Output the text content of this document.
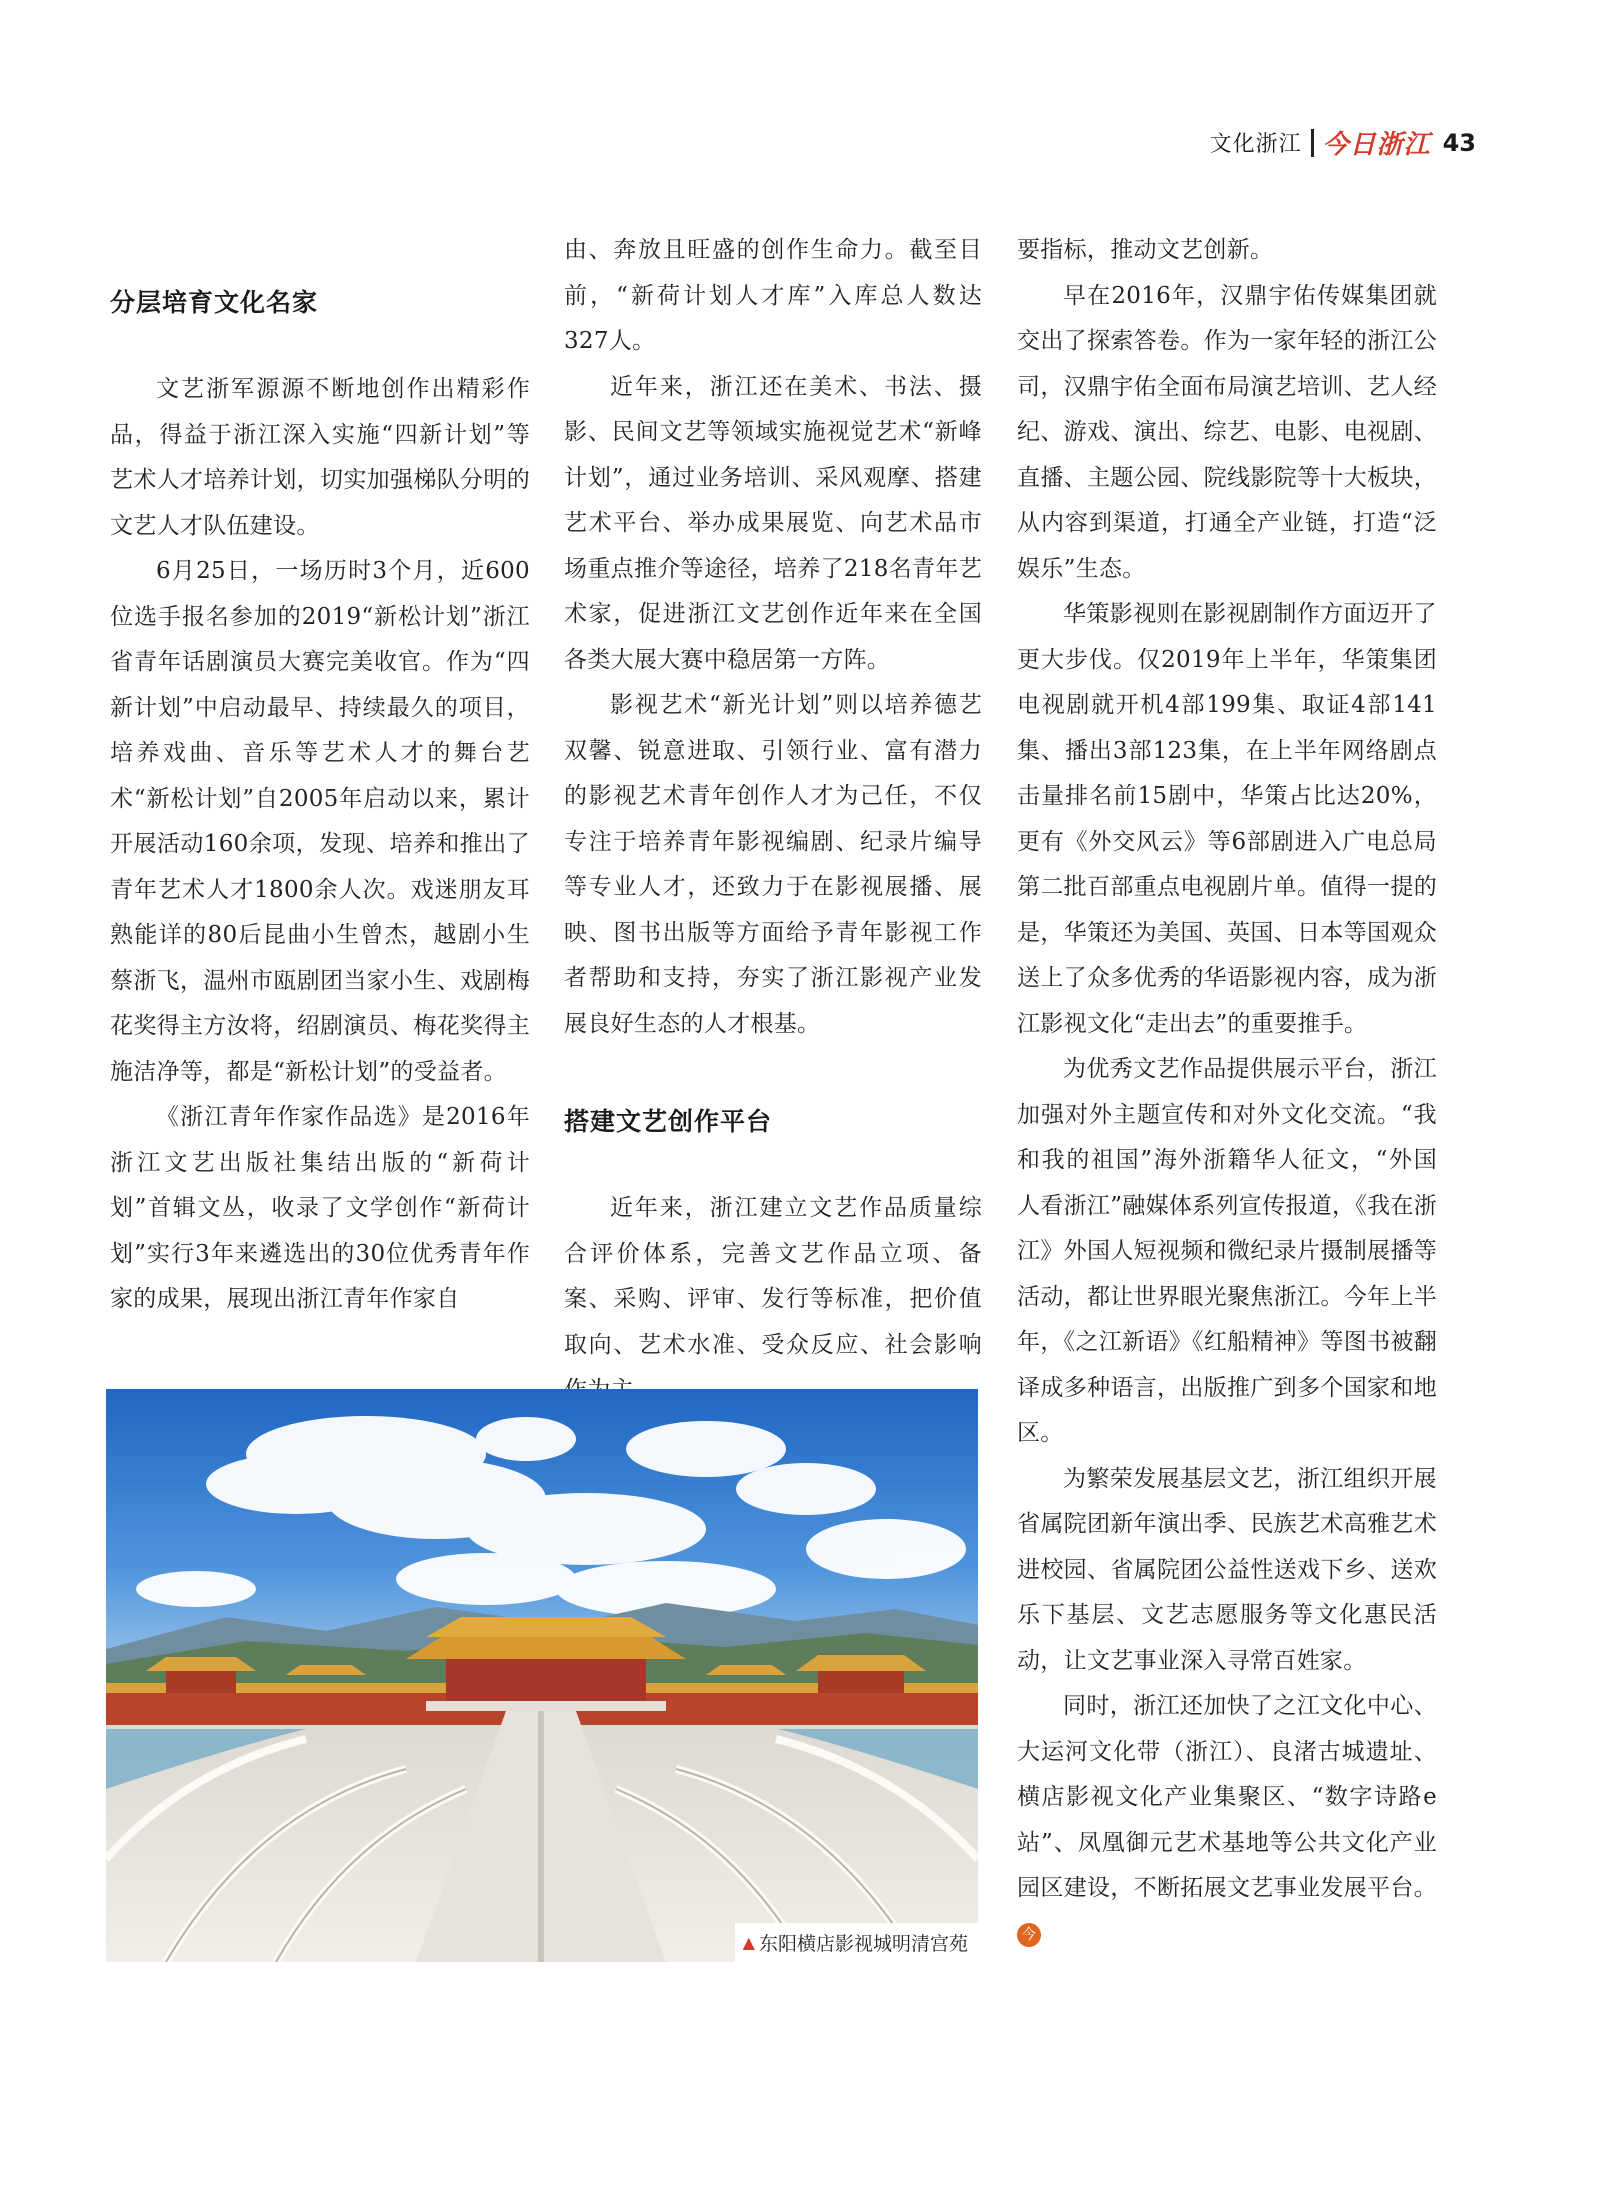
文化浙江 今日浙江 43
分层培育文化名家

文艺浙军源源不断地创作出精彩作品，得益于浙江深入实施“四新计划”等艺术人才培养计划，切实加强梯队分明的文艺人才队伍建设。

6月25日，一场历时3个月，近600位选手报名参加的2019“新松计划”浙江省青年话剧演员大赛完美收官。作为“四新计划”中启动最早、持续最久的项目，培养戏曲、音乐等艺术人才的舞台艺术“新松计划”自2005年启动以来，累计开展活动160余项，发现、培养和推出了青年艺术人才1800余人次。戏迷朋友耳熟能详的80后昆曲小生曾杰，越剧小生蔡浙飞，温州市瓯剧团当家小生、戏剧梅花奖得主方汝将，绍剧演员、梅花奖得主施洁净等，都是“新松计划”的受益者。

《浙江青年作家作品选》是2016年浙江文艺出版社集结出版的“新荷计划”首辑文丛，收录了文学创作“新荷计划”实行3年来遴选出的30位优秀青年作家的成果，展现出浙江青年作家自

由、奔放且旺盛的创作生命力。截至目前，“新荷计划人才库”入库总人数达327人。

近年来，浙江还在美术、书法、摄影、民间文艺等领域实施视觉艺术“新峰计划”，通过业务培训、采风观摩、搭建艺术平台、举办成果展览、向艺术品市场重点推介等途径，培养了218名青年艺术家，促进浙江文艺创作近年来在全国各类大展大赛中稳居第一方阵。

影视艺术“新光计划”则以培养德艺双馨、锐意进取、引领行业、富有潜力的影视艺术青年创作人才为己任，不仅专注于培养青年影视编剧、纪录片编导等专业人才，还致力于在影视展播、展映、图书出版等方面给予青年影视工作者帮助和支持，夯实了浙江影视产业发展良好生态的人才根基。

搭建文艺创作平台

近年来，浙江建立文艺作品质量综合评价体系，完善文艺作品立项、备案、采购、评审、发行等标准，把价值取向、艺术水准、受众反应、社会影响

要指标，推动文艺创新。

早在2016年，汉鼎宇佑传媒集团就交出了探索答卷。作为一家年轻的浙江公司，汉鼎宇佑全面布局演艺培训、艺人经纪、游戏、演出、综艺、电影、电视剧、直播、主题公园、院线影院等十大板块，从内容到渠道，打通全产业链，打造“泛娱乐”生态。

华策影视则在影视剧制作方面迈开了更大步伐。仅2019年上半年，华策集团电视剧就开机4部199集、取证4部141集、播出3部123集，在上半年网络剧点击量排名前15剧中，华策占比达20%，更有《外交风云》等6部剧进入广电总局第二批百部重点电视剧片单。值得一提的是，华策还为美国、英国、日本等国观众送上了众多优秀的华语影视内容，成为浙江影视文化“走出去”的重要推手。

为优秀文艺作品提供展示平台，浙江加强对外主题宣传和对外文化交流。“我和我的祖国”海外浙籍华人征文，“外国人看浙江”融媒体系列宣传报道，《我在浙江》外国人短视频和微纪录片摄制展播等活动，都让世界眼光聚焦浙江。今年上半年，《之江新语》《红船精神》等图书被翻译成多种语言，出版推广到多个国家和地区。

为繁荣发展基层文艺，浙江组织开展省属院团新年演出季、民族艺术高雅艺术进校园、省属院团公益性送戏下乡、送欢乐下基层、文艺志愿服务等文化惠民活动，让文艺事业深入寻常百姓家。

同时，浙江还加快了之江文化中心、大运河文化带（浙江）、良渚古城遗址、横店影视文化产业集聚区、“数字诗路e站”、凤凰御元艺术基地等公共文化产业园区建设，不断拓展文艺事业发展平台。今

▲ 东阳横店影视城明清宫苑
